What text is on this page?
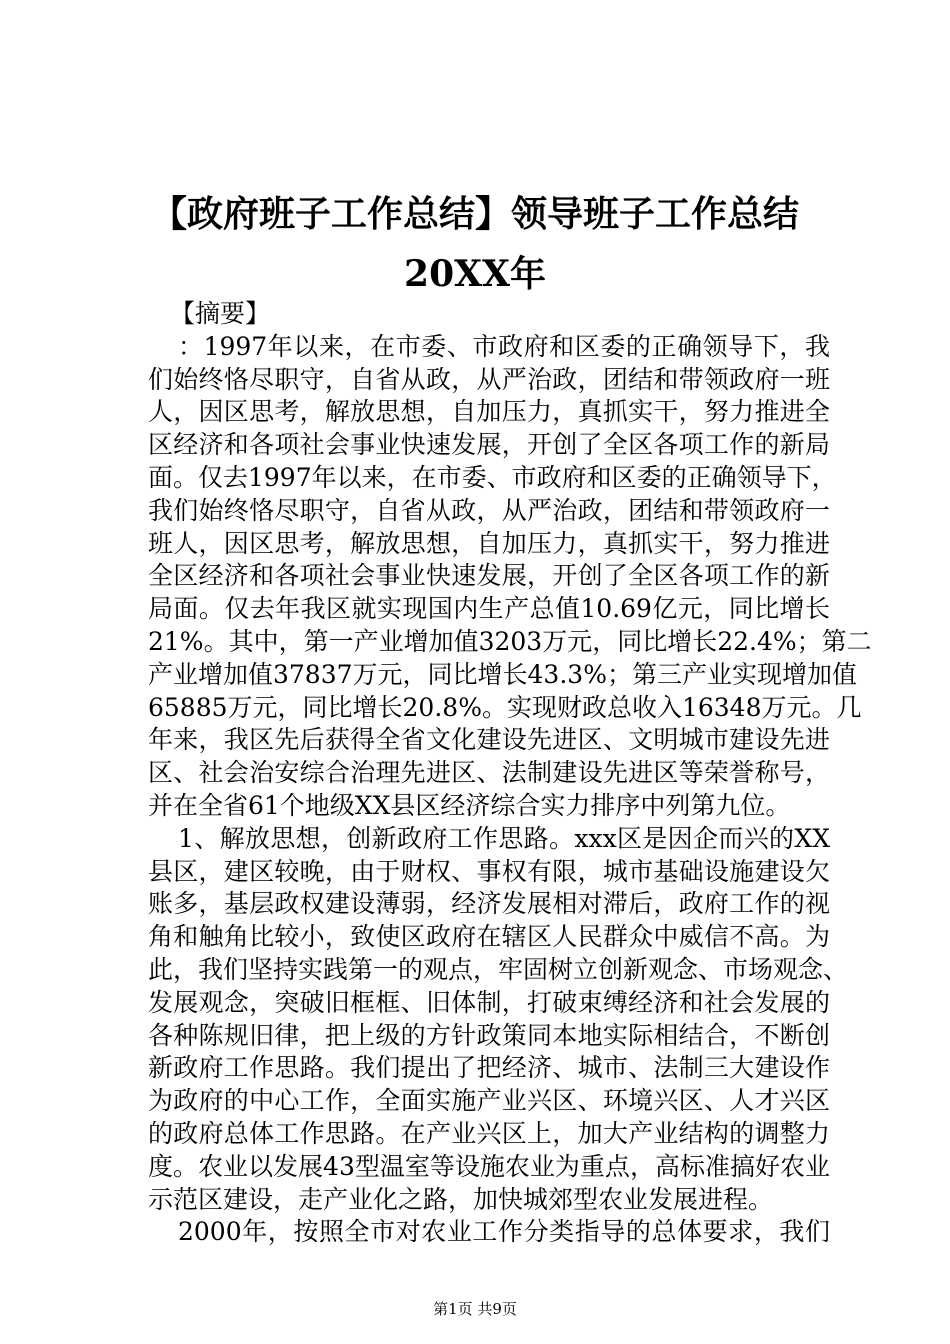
【政府班子工作总结】领导班子工作总结
20XX年
【摘要】
：1997年以来，在市委、市政府和区委的正确领导下，我
们始终恪尽职守，自省从政，从严治政，团结和带领政府一班
人，因区思考，解放思想，自加压力，真抓实干，努力推进全
区经济和各项社会事业快速发展，开创了全区各项工作的新局
面。仅去1997年以来，在市委、市政府和区委的正确领导下，
我们始终恪尽职守，自省从政，从严治政，团结和带领政府一
班人，因区思考，解放思想，自加压力，真抓实干，努力推进
全区经济和各项社会事业快速发展，开创了全区各项工作的新
局面。仅去年我区就实现国内生产总值10.69亿元，同比增长
21%。其中，第一产业增加值3203万元，同比增长22.4%；第二
产业增加值37837万元，同比增长43.3%；第三产业实现增加值
65885万元，同比增长20.8%。实现财政总收入16348万元。几
年来，我区先后获得全省文化建设先进区、文明城市建设先进
区、社会治安综合治理先进区、法制建设先进区等荣誉称号，
并在全省61个地级XX县区经济综合实力排序中列第九位。
1、解放思想，创新政府工作思路。xxx区是因企而兴的XX
县区，建区较晚，由于财权、事权有限，城市基础设施建设欠
账多，基层政权建设薄弱，经济发展相对滞后，政府工作的视
角和触角比较小，致使区政府在辖区人民群众中威信不高。为
此，我们坚持实践第一的观点，牢固树立创新观念、市场观念、
发展观念，突破旧框框、旧体制，打破束缚经济和社会发展的
各种陈规旧律，把上级的方针政策同本地实际相结合，不断创
新政府工作思路。我们提出了把经济、城市、法制三大建设作
为政府的中心工作，全面实施产业兴区、环境兴区、人才兴区
的政府总体工作思路。在产业兴区上，加大产业结构的调整力
度。农业以发展43型温室等设施农业为重点，高标准搞好农业
示范区建设，走产业化之路，加快城郊型农业发展进程。
2000年，按照全市对农业工作分类指导的总体要求，我们
第1页 共9页
